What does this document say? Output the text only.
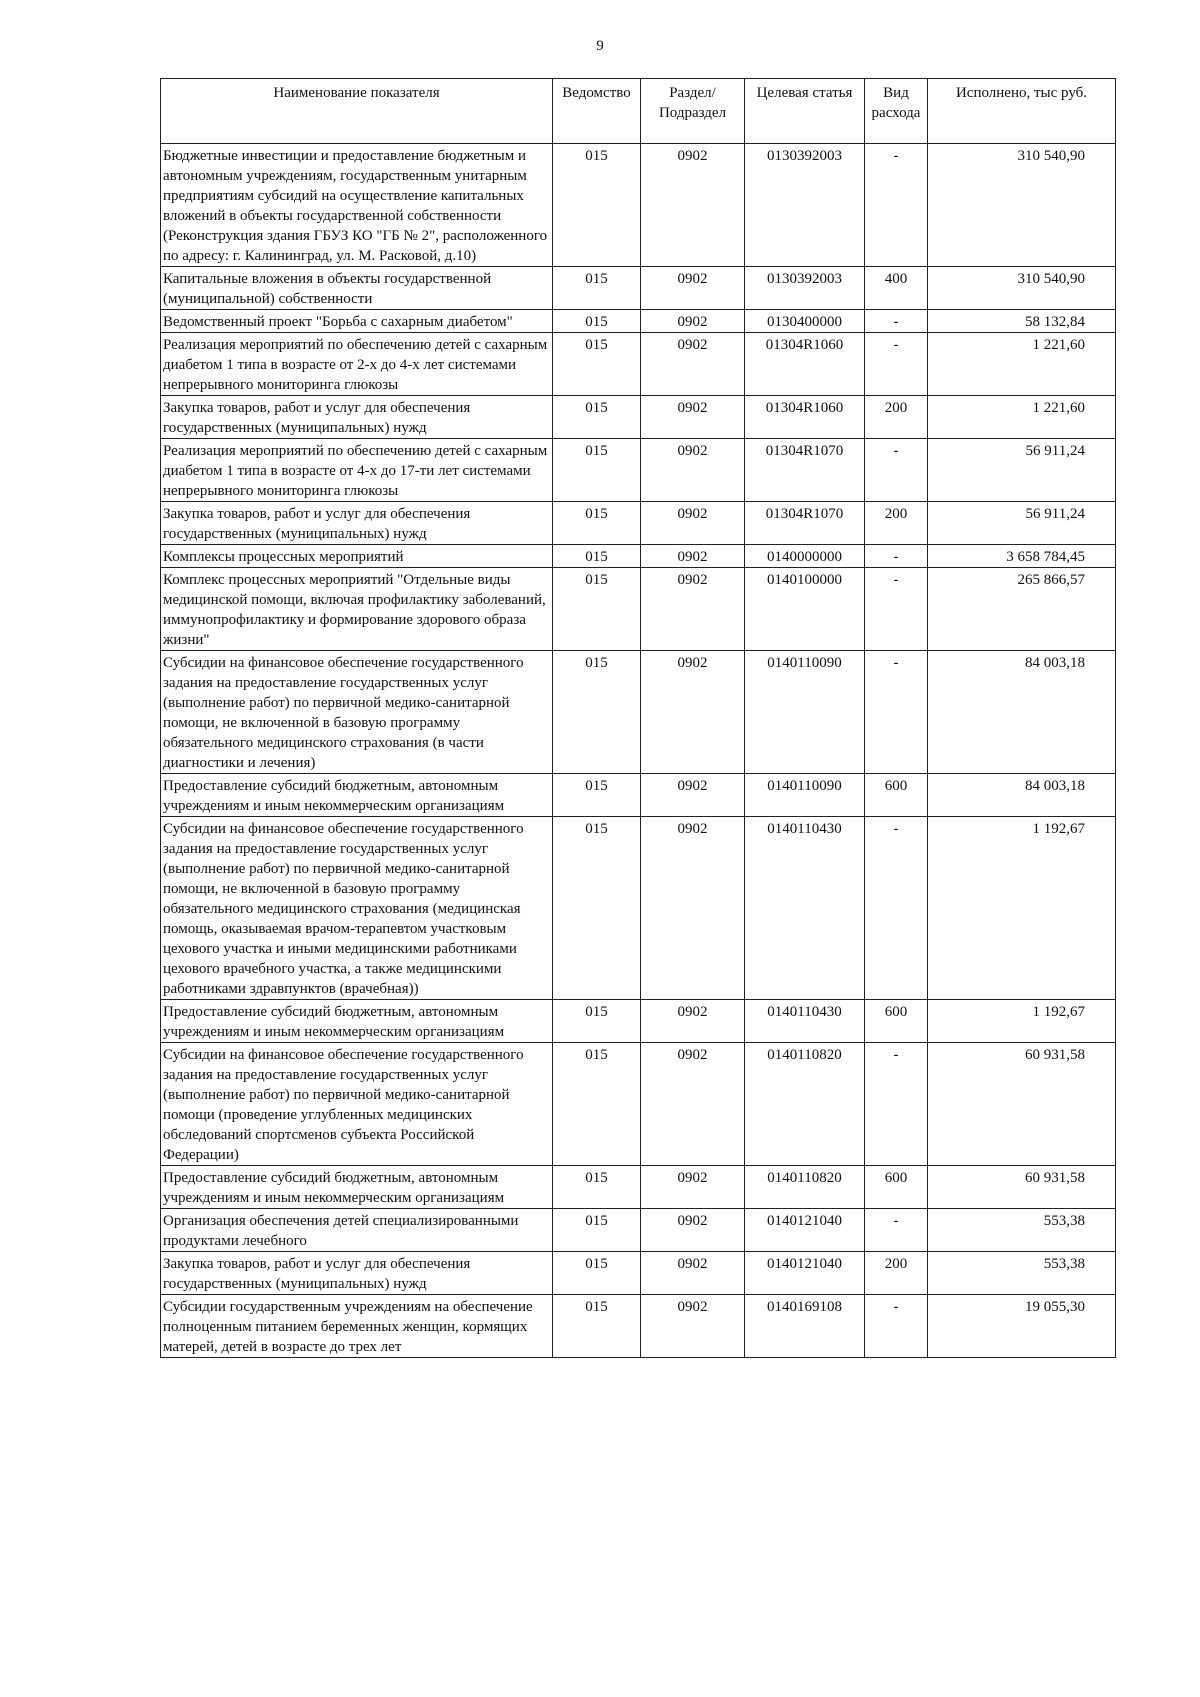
9
Наименование показателя	Ведомство	Раздел/ Подраздел	Целевая статья	Вид расхода	Исполнено, тыс руб.
Бюджетные инвестиции и предоставление бюджетным и автономным учреждениям, государственным унитарным предприятиям субсидий на осуществление капитальных вложений в объекты государственной собственности (Реконструкция здания ГБУЗ КО "ГБ № 2", расположенного по адресу: г. Калининград, ул. М. Расковой, д.10)	015	0902	0130392003	-	310 540,90
Капитальные вложения в объекты государственной (муниципальной) собственности	015	0902	0130392003	400	310 540,90
Ведомственный проект "Борьба с сахарным диабетом"	015	0902	0130400000	-	58 132,84
Реализация мероприятий по обеспечению детей с сахарным диабетом 1 типа в возрасте от 2-х до 4-х лет системами непрерывного мониторинга глюкозы	015	0902	01304R1060	-	1 221,60
Закупка товаров, работ и услуг для обеспечения государственных (муниципальных) нужд	015	0902	01304R1060	200	1 221,60
Реализация мероприятий по обеспечению детей с сахарным диабетом 1 типа в возрасте от 4-х до 17-ти лет системами непрерывного мониторинга глюкозы	015	0902	01304R1070	-	56 911,24
Закупка товаров, работ и услуг для обеспечения государственных (муниципальных) нужд	015	0902	01304R1070	200	56 911,24
Комплексы процессных мероприятий	015	0902	0140000000	-	3 658 784,45
Комплекс процессных мероприятий "Отдельные виды медицинской помощи, включая профилактику заболеваний, иммунопрофилактику и формирование здорового образа жизни"	015	0902	0140100000	-	265 866,57
Субсидии на финансовое обеспечение государственного задания на предоставление государственных услуг (выполнение работ) по первичной медико-санитарной помощи, не включенной в базовую программу обязательного медицинского страхования (в части диагностики и лечения)	015	0902	0140110090	-	84 003,18
Предоставление субсидий бюджетным, автономным учреждениям и иным некоммерческим организациям	015	0902	0140110090	600	84 003,18
Субсидии на финансовое обеспечение государственного задания на предоставление государственных услуг (выполнение работ) по первичной медико-санитарной помощи, не включенной в базовую программу обязательного медицинского страхования (медицинская помощь, оказываемая врачом-терапевтом участковым цехового участка и иными медицинскими работниками цехового врачебного участка, а также медицинскими работниками здравпунктов (врачебная))	015	0902	0140110430	-	1 192,67
Предоставление субсидий бюджетным, автономным учреждениям и иным некоммерческим организациям	015	0902	0140110430	600	1 192,67
Субсидии на финансовое обеспечение государственного задания на предоставление государственных услуг (выполнение работ) по первичной медико-санитарной помощи (проведение углубленных медицинских обследований спортсменов субъекта Российской Федерации)	015	0902	0140110820	-	60 931,58
Предоставление субсидий бюджетным, автономным учреждениям и иным некоммерческим организациям	015	0902	0140110820	600	60 931,58
Организация обеспечения детей специализированными продуктами лечебного	015	0902	0140121040	-	553,38
Закупка товаров, работ и услуг для обеспечения государственных (муниципальных) нужд	015	0902	0140121040	200	553,38
Субсидии государственным учреждениям на обеспечение полноценным питанием беременных женщин, кормящих матерей, детей в возрасте до трех лет	015	0902	0140169108	-	19 055,30
